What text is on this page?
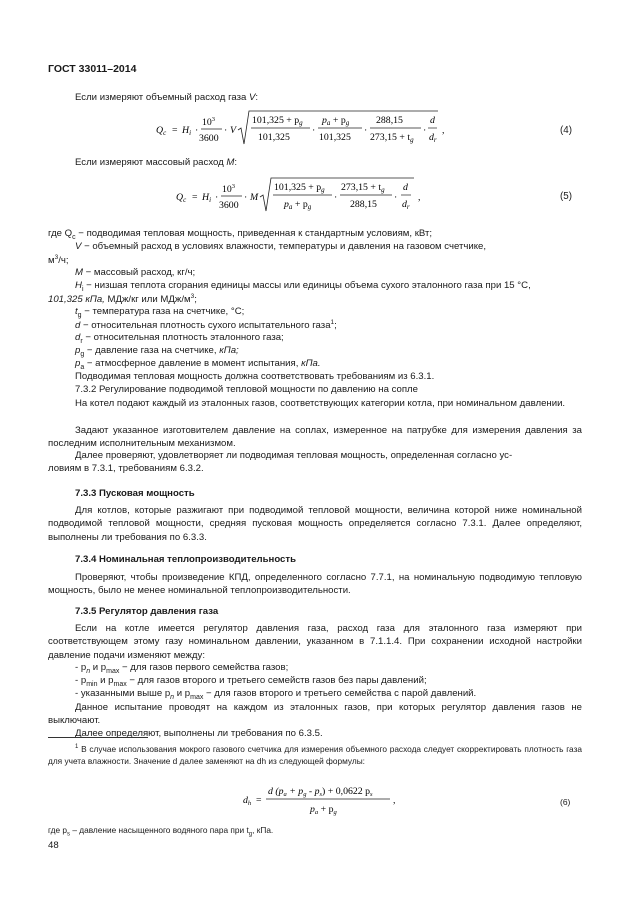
ГОСТ 33011–2014
Если измеряют объемный расход газа V:
$Q_c = H_i$ ·
$10^3$
3600
· V
$101,325 + p_g$
101,325
·
$p_a + p_g$
101,325
·
288,15
$273,15 + t_g$
·
d
$d_r$
,	(4)
Если измеряют массовый расход M:
$Q_c = H_i$ ·
$10^3$
3600
· M
$101,325 + p_g$
$p_a + p_g$
·
$273,15 + t_g$
288,15
·
d
$d_r$
,	(5)
где $Q_c$ − подводимая тепловая мощность, приведенная к стандартным условиям, кВт;
V − объемный расход в условиях влажности, температуры и давления на газовом счетчике,
$м^3/ч$;
M − массовый расход, кг/ч;
$H_i$ − низшая теплота сгорания единицы массы или единицы объема сухого эталонного газа при 15 °С,
101,325 кПа, МДж/кг или МДж/$м^3$;
$t_g$ − температура газа на счетчике, °С;
d − относительная плотность сухого испытательного газа$^1$;
$d_r$ − относительная плотность эталонного газа;
$p_g$ − давление газа на счетчике, кПа;
$p_a$ − атмосферное давление в момент испытания, кПа.
Подводимая тепловая мощность должна соответствовать требованиям из 6.3.1.
7.3.2 Регулирование подводимой тепловой мощности по давлению на сопле
На котел подают каждый из эталонных газов, соответствующих категории котла, при номинальном давлении.
Задают указанное изготовителем давление на соплах, измеренное на патрубке для измерения давления за последним исполнительным механизмом.
Далее проверяют, удовлетворяет ли подводимая тепловая мощность, определенная согласно ус-
ловиям в 7.3.1, требованиям 6.3.2.
7.3.3 Пусковая мощность
Для котлов, которые разжигают при подводимой тепловой мощности, величина которой ниже номинальной подводимой тепловой мощности, средняя пусковая мощность определяется согласно 7.3.1. Далее определяют, выполнены ли требования по 6.3.3.
7.3.4 Номинальная теплопроизводительность
Проверяют, чтобы произведение КПД, определенного согласно 7.7.1, на номинальную подводимую тепловую мощность, было не менее номинальной теплопроизводительности.
7.3.5 Регулятор давления газа
Если на котле имеется регулятор давления газа, расход газа для эталонного газа измеряют при соответствующем этому газу номинальном давлении, указанном в 7.1.1.4. При сохранении исходной настройки давление подачи изменяют между:
- $p_n$ и $p_{max}$ − для газов первого семейства газов;
- $p_{min}$ и $p_{max}$ − для газов второго и третьего семейств газов без пары давлений;
- указанными выше $p_n$ и $p_{max}$ − для газов второго и третьего семейства с парой давлений.
Данное испытание проводят на каждом из эталонных газов, при которых регулятор давления газов не выключают.
Далее определяют, выполнены ли требования по 6.3.5.
$^1$ В случае использования мокрого газового счетчика для измерения объемного расхода следует скорректировать плотность газа для учета влажности. Значение d далее заменяют на dh из следующей формулы:
$d_h$ =
d $(p_a + p_g - p_s) + 0,0622$ $p_s$
$p_a + p_g$
,	(6)
где $p_s$ – давление насыщенного водяного пара при $t_g$, кПа.
48
